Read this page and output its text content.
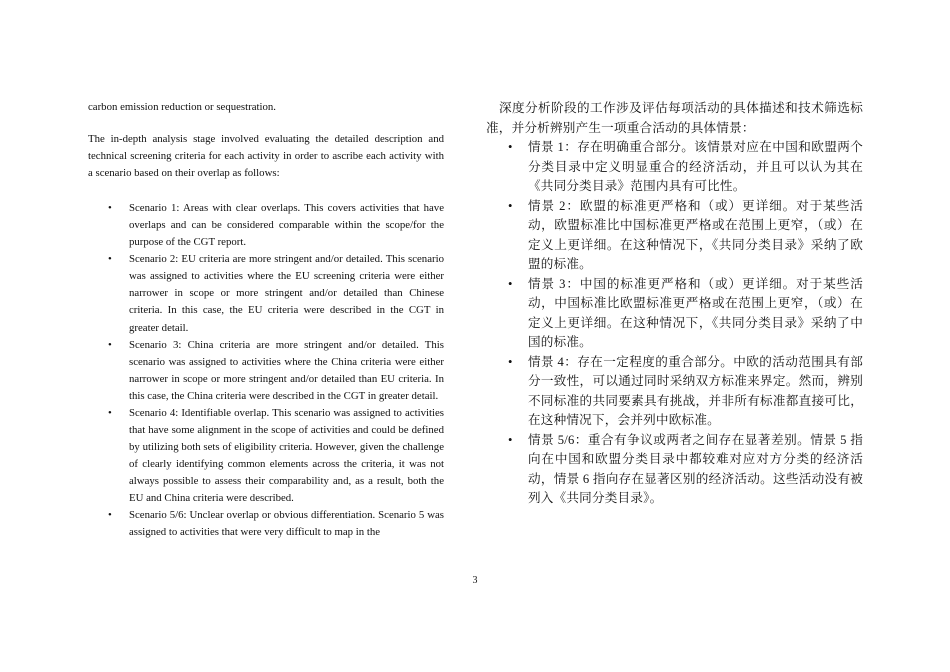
carbon emission reduction or sequestration.

The in-depth analysis stage involved evaluating the detailed description and technical screening criteria for each activity in order to ascribe each activity with a scenario based on their overlap as follows:

• Scenario 1: Areas with clear overlaps. This covers activities that have overlaps and can be considered comparable within the scope/for the purpose of the CGT report.
• Scenario 2: EU criteria are more stringent and/or detailed. This scenario was assigned to activities where the EU screening criteria were either narrower in scope or more stringent and/or detailed than Chinese criteria. In this case, the EU criteria were described in the CGT in greater detail.
• Scenario 3: China criteria are more stringent and/or detailed. This scenario was assigned to activities where the China criteria were either narrower in scope or more stringent and/or detailed than EU criteria. In this case, the China criteria were described in the CGT in greater detail.
• Scenario 4: Identifiable overlap. This scenario was assigned to activities that have some alignment in the scope of activities and could be defined by utilizing both sets of eligibility criteria. However, given the challenge of clearly identifying common elements across the criteria, it was not always possible to assess their comparability and, as a result, both the EU and China criteria were described.
• Scenario 5/6: Unclear overlap or obvious differentiation. Scenario 5 was assigned to activities that were very difficult to map in the

深度分析阶段的工作涉及评估每项活动的具体描述和技术筛选标准，并分析辨别产生一项重合活动的具体情景：

• 情景 1：存在明确重合部分。该情景对应在中国和欧盟两个分类目录中定义明显重合的经济活动，并且可以认为其在《共同分类目录》范围内具有可比性。
• 情景 2：欧盟的标准更严格和（或）更详细。对于某些活动，欧盟标准比中国标准更严格或在范围上更窄，（或）在定义上更详细。在这种情况下，《共同分类目录》采纳了欧盟的标准。
• 情景 3：中国的标准更严格和（或）更详细。对于某些活动，中国标准比欧盟标准更严格或在范围上更窄，（或）在定义上更详细。在这种情况下，《共同分类目录》采纳了中国的标准。
• 情景 4：存在一定程度的重合部分。中欧的活动范围具有部分一致性，可以通过同时采纳双方标准来界定。然而，辨别不同标准的共同要素具有挑战，并非所有标准都直接可比，在这种情况下，会并列中欧标准。
• 情景 5/6：重合有争议或两者之间存在显著差别。情景 5 指向在中国和欧盟分类目录中都较难对应对方分类的经济活动，情景 6 指向存在显著区别的经济活动。这些活动没有被列入《共同分类目录》。
3
